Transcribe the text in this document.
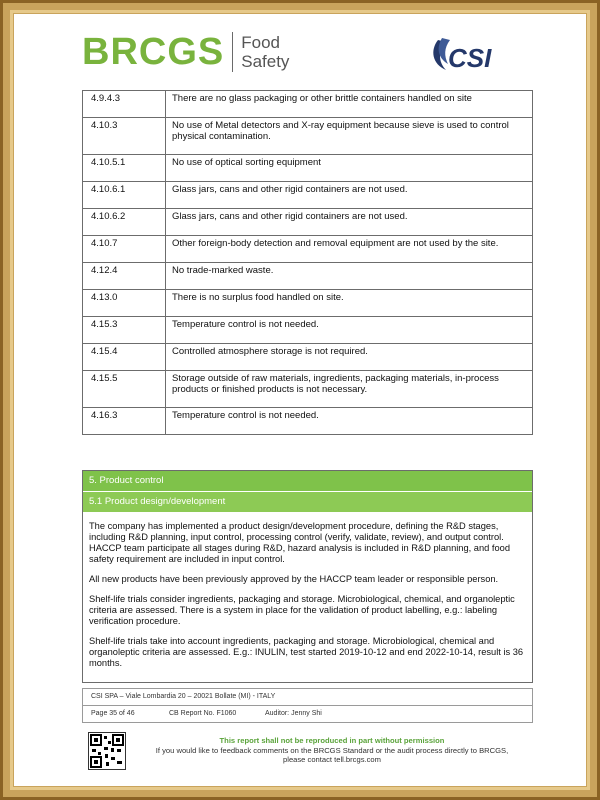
BRCGS Food
Safety	CSI
4.9.4.3	There are no glass packaging or other brittle containers handled on site
4.10.3	No use of Metal detectors and X-ray equipment because sieve is used to control physical contamination.
4.10.5.1	No use of optical sorting equipment
4.10.6.1	Glass jars, cans and other rigid containers are not used.
4.10.6.2	Glass jars, cans and other rigid containers are not used.
4.10.7	Other foreign-body detection and removal equipment are not used by the site.
4.12.4	No trade-marked waste.
4.13.0	There is no surplus food handled on site.
4.15.3	Temperature control is not needed.
4.15.4	Controlled atmosphere storage is not required.
4.15.5	Storage outside of raw materials, ingredients, packaging materials, in-process products or finished products is not necessary.
4.16.3	Temperature control is not needed.
5. Product control
5.1 Product design/development

The company has implemented a product design/development procedure, defining the R&D stages, including R&D planning, input control, processing control (verify, validate, review), and output control. HACCP team participate all stages during R&D, hazard analysis is included in R&D planning, and food safety requirement are included in input control.

All new products have been previously approved by the HACCP team leader or responsible person.

Shelf-life trials consider ingredients, packaging and storage. Microbiological, chemical, and organoleptic criteria are assessed. There is a system in place for the validation of product labelling, e.g.: labeling verification procedure.

Shelf-life trials take into account ingredients, packaging and storage. Microbiological, chemical and organoleptic criteria are assessed. E.g.: INULIN, test started 2019-10-12 and end 2022-10-14, result is 36 months.

CSI SPA – Viale Lombardia 20 – 20021 Bollate (MI) - ITALY
Page 35 of 46	CB Report No. F1060	Auditor: Jenny Shi
This report shall not be reproduced in part without permission
If you would like to feedback comments on the BRCGS Standard or the audit process directly to BRCGS,
please contact tell.brcgs.com
